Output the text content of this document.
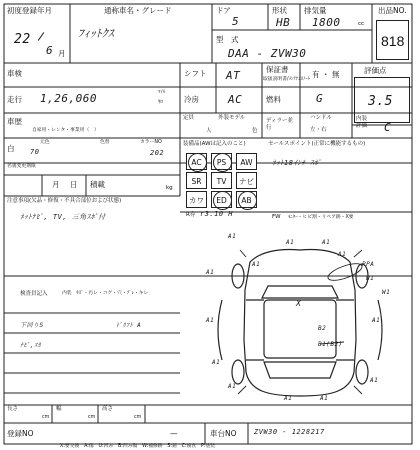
初度登録年月
22
6 月
通称車名・グレード
ﾌｨｯﾄｸｽ
ドア
5
形状
HB
排気量
1800	cc
出品NO.
818
型　式
DAA - ZVW30
車検	シフト AT	保証書
取扱説明書/ﾒﾝﾃﾅﾝｽﾉｰﾄ
有 ・ 無	評価点
3.5
走行 1,26,060	ﾏｲﾙ
ｷﾛ	冷房	AC	燃料	G
車歴
自家用・レンタ・事業用（　）
定員
人
外装モデル
色
ディラー並行
ハンドル
左・右
内装評価	C
元色	色替	カラーNO
白 70	202
名義変更期限
月 日 積載	kg
装備品(AWは記入のこと)
AC	PS	AW
SR	TV	ナビ
カワ	ED	AB
R券 r3.10 H
セールスポイント(正常に機能するもの)
ﾈｯﾄ18ｲﾝﾁ ｽﾎﾟ
FW ﾓﾆﾀｰ・ヒビ割・リペア跡・X要
注意事項(欠品・修復・不具合部位および状態)
ﾈｯﾄﾅﾋﾞ, TV, 三角ｽﾎﾟ付
検査員記入	内装　ｷｽﾞ・汚レ・コゲ・穴・ﾌﾞﾚ・キレ
下回りS	ﾄﾞﾘﾌﾄ A
ﾅﾋﾞ,ｽｶ
A1
A1	A1
A1
A1
A1
PPA
W1
W1
X
B2
B1(B2)
A1	A1
A1
A1
A1
A1	A1
長さ
cm
幅
cm
高さ
cm
登録NO	—	車台NO ZVW30 - 1228217
X:要交換　A:傷　U:凹み　B:凹み傷　W:補修跡　S:錆　C:腐食　P:塗装
